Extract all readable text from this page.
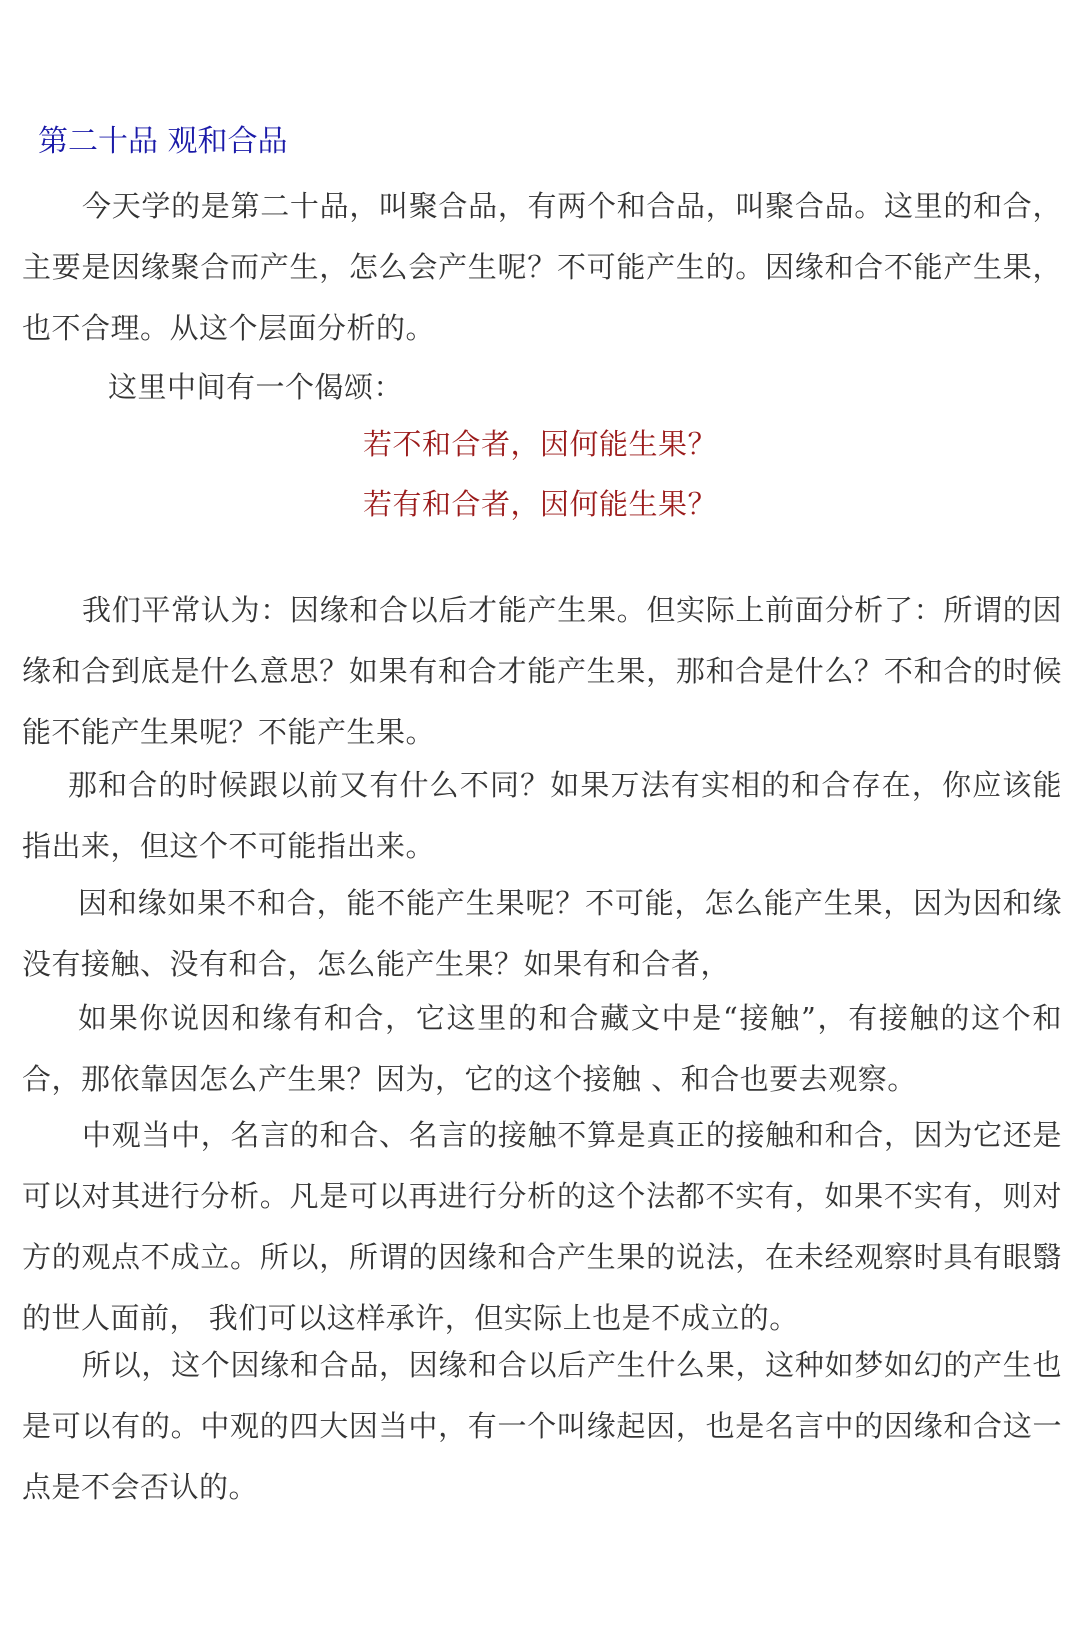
第二十品 观和合品

今天学的是第二十品，叫聚合品，有两个和合品，叫聚合品。这里的和合，主要是因缘聚合而产生，怎么会产生呢？不可能产生的。因缘和合不能产生果，也不合理。从这个层面分析的。

这里中间有一个偈颂：

若不和合者，因何能生果？
若有和合者，因何能生果？

我们平常认为：因缘和合以后才能产生果。但实际上前面分析了：所谓的因缘和合到底是什么意思？如果有和合才能产生果，那和合是什么？不和合的时候能不能产生果呢？不能产生果。

那和合的时候跟以前又有什么不同？如果万法有实相的和合存在，你应该能指出来，但这个不可能指出来。

因和缘如果不和合，能不能产生果呢？不可能，怎么能产生果，因为因和缘没有接触、没有和合，怎么能产生果？如果有和合者，

如果你说因和缘有和合，它这里的和合藏文中是“接触”，有接触的这个和合，那依靠因怎么产生果？因为，它的这个接触 、和合也要去观察。

中观当中，名言的和合、名言的接触不算是真正的接触和和合，因为它还是可以对其进行分析。凡是可以再进行分析的这个法都不实有，如果不实有，则对方的观点不成立。所以，所谓的因缘和合产生果的说法，在未经观察时具有眼翳的世人面前， 我们可以这样承许，但实际上也是不成立的。

所以，这个因缘和合品，因缘和合以后产生什么果，这种如梦如幻的产生也是可以有的。中观的四大因当中，有一个叫缘起因，也是名言中的因缘和合这一点是不会否认的。
